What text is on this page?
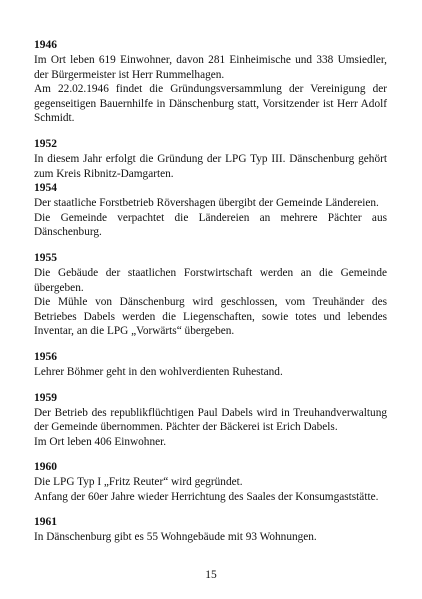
1946

Im Ort leben 619 Einwohner, davon 281 Einheimische und 338 Umsiedler, der Bürgermeister ist Herr Rummelhagen.

Am 22.02.1946 findet die Gründungsversammlung der Vereinigung der gegenseitigen Bauernhilfe in Dänschenburg statt, Vorsitzender ist Herr Adolf Schmidt.

1952

In diesem Jahr erfolgt die Gründung der LPG Typ III. Dänschenburg gehört zum Kreis Ribnitz-Damgarten.

1954

Der staatliche Forstbetrieb Rövershagen übergibt der Gemeinde Ländereien.

Die Gemeinde verpachtet die Ländereien an mehrere Pächter aus Dänschenburg.

1955

Die Gebäude der staatlichen Forstwirtschaft werden an die Gemeinde übergeben.

Die Mühle von Dänschenburg wird geschlossen, vom Treuhänder des Betriebes Dabels werden die Liegenschaften, sowie totes und lebendes Inventar, an die LPG „Vorwärts“ übergeben.

1956

Lehrer Böhmer geht in den wohlverdienten Ruhestand.

1959

Der Betrieb des republikflüchtigen Paul Dabels wird in Treuhandverwaltung der Gemeinde übernommen. Pächter der Bäckerei ist Erich Dabels.

Im Ort leben 406 Einwohner.

1960

Die LPG Typ I „Fritz Reuter“ wird gegründet.

Anfang der 60er Jahre wieder Herrichtung des Saales der Konsumgaststätte.

1961

In Dänschenburg gibt es 55 Wohngebäude mit 93 Wohnungen.

15
